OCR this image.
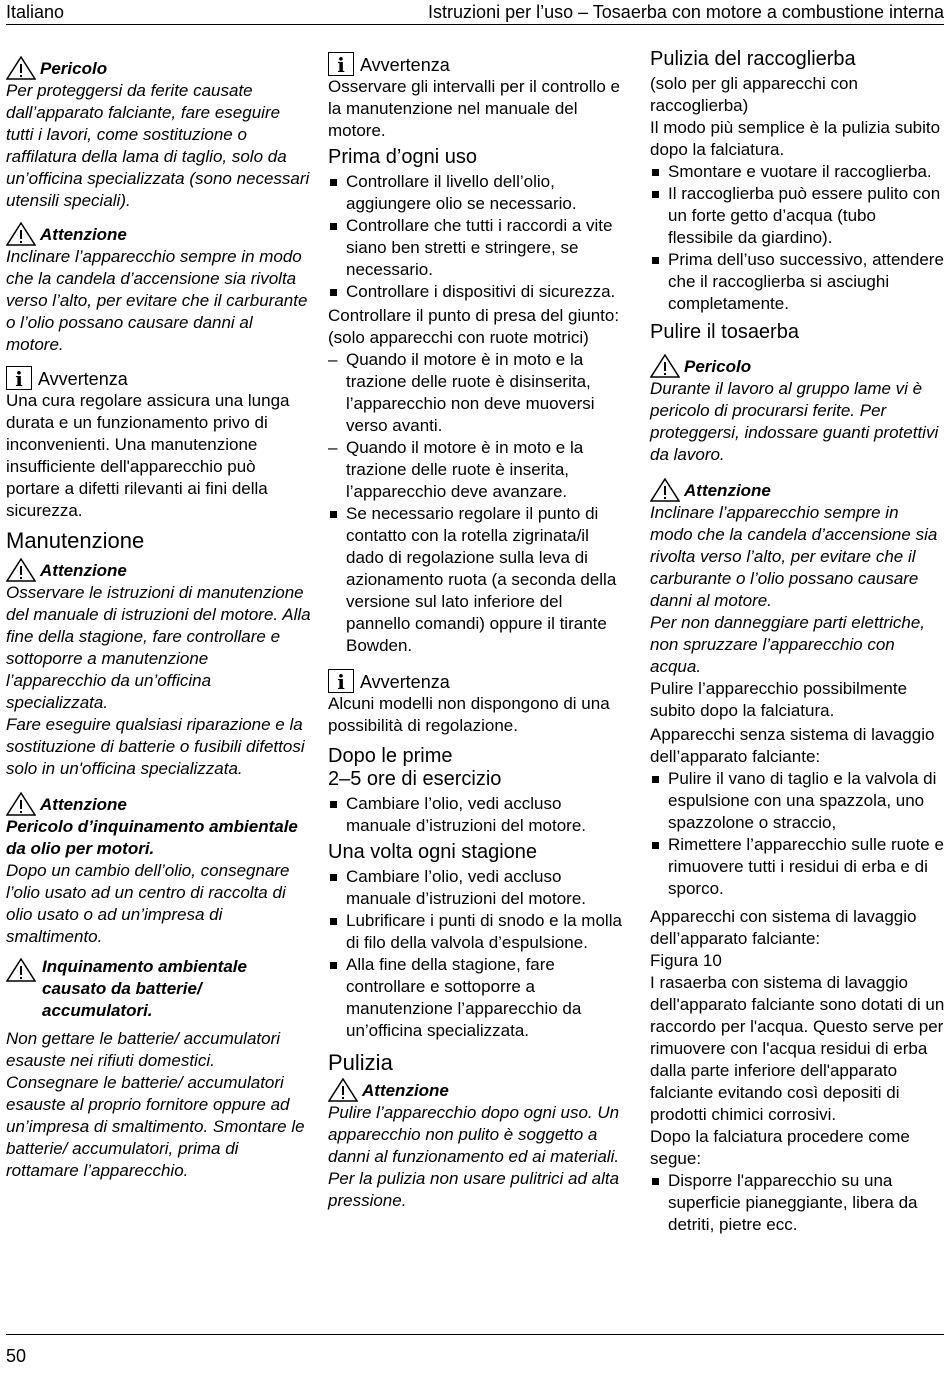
Italiano	Istruzioni per l’uso – Tosaerba con motore a combustione interna
Pericolo

Per proteggersi da ferite causate dall’apparato falciante, fare eseguire tutti i lavori, come sostituzione o raffilatura della lama di taglio, solo da un’officina specializzata (sono necessari utensili speciali).

Attenzione

Inclinare l’apparecchio sempre in modo che la candela d’accensione sia rivolta verso l’alto, per evitare che il carburante o l’olio possano causare danni al motore.

i Avvertenza

Una cura regolare assicura una lunga durata e un funzionamento privo di inconvenienti. Una manutenzione insufficiente dell'apparecchio può portare a difetti rilevanti ai fini della sicurezza.

Manutenzione
Attenzione

Osservare le istruzioni di manutenzione del manuale di istruzioni del motore. Alla fine della stagione, fare controllare e sottoporre a manutenzione l’apparecchio da un’officina specializzata.

Fare eseguire qualsiasi riparazione e la sostituzione di batterie o fusibili difettosi solo in un'officina specializzata.

Attenzione

Pericolo d’inquinamento ambientale da olio per motori.

Dopo un cambio dell’olio, consegnare l’olio usato ad un centro di raccolta di olio usato o ad un’impresa di smaltimento.

Inquinamento ambientale causato da batterie/ accumulatori.

Non gettare le batterie/ accumulatori esauste nei rifiuti domestici. Consegnare le batterie/ accumulatori esauste al proprio fornitore oppure ad un’impresa di smaltimento. Smontare le batterie/ accumulatori, prima di rottamare l’apparecchio.

i Avvertenza

Osservare gli intervalli per il controllo e la manutenzione nel manuale del motore.

Prima d’ogni uso
Controllare il livello dell’olio, aggiungere olio se necessario.
Controllare che tutti i raccordi a vite siano ben stretti e stringere, se necessario.
Controllare i dispositivi di sicurezza.
Controllare il punto di presa del giunto:

(solo apparecchi con ruote motrici)

– Quando il motore è in moto e la trazione delle ruote è disinserita, l’apparecchio non deve muoversi verso avanti.
– Quando il motore è in moto e la trazione delle ruote è inserita, l’apparecchio deve avanzare.
Se necessario regolare il punto di contatto con la rotella zigrinata/il dado di regolazione sulla leva di azionamento ruota (a seconda della versione sul lato inferiore del pannello comandi) oppure il tirante Bowden.
i Avvertenza

Alcuni modelli non dispongono di una possibilità di regolazione.

Dopo le prime
2–5 ore di esercizio
Cambiare l’olio, vedi accluso manuale d’istruzioni del motore.
Una volta ogni stagione
Cambiare l’olio, vedi accluso manuale d’istruzioni del motore.
Lubrificare i punti di snodo e la molla di filo della valvola d’espulsione.
Alla fine della stagione, fare controllare e sottoporre a manutenzione l’apparecchio da un’officina specializzata.
Pulizia
Attenzione

Pulire l’apparecchio dopo ogni uso. Un apparecchio non pulito è soggetto a danni al funzionamento ed ai materiali.

Per la pulizia non usare pulitrici ad alta pressione.

Pulizia del raccoglierba

(solo per gli apparecchi con raccoglierba)

Il modo più semplice è la pulizia subito dopo la falciatura.

Smontare e vuotare il raccoglierba.
Il raccoglierba può essere pulito con un forte getto d’acqua (tubo flessibile da giardino).
Prima dell’uso successivo, attendere che il raccoglierba si asciughi completamente.
Pulire il tosaerba
Pericolo

Durante il lavoro al gruppo lame vi è pericolo di procurarsi ferite. Per proteggersi, indossare guanti protettivi da lavoro.

Attenzione

Inclinare l’apparecchio sempre in modo che la candela d’accensione sia rivolta verso l’alto, per evitare che il carburante o l’olio possano causare danni al motore.

Per non danneggiare parti elettriche, non spruzzare l’apparecchio con acqua.

Pulire l’apparecchio possibilmente subito dopo la falciatura.

Apparecchi senza sistema di lavaggio dell’apparato falciante:
Pulire il vano di taglio e la valvola di espulsione con una spazzola, uno spazzolone o straccio,
Rimettere l’apparecchio sulle ruote e rimuovere tutti i residui di erba e di sporco.
Apparecchi con sistema di lavaggio dell’apparato falciante:

Figura 10

I rasaerba con sistema di lavaggio dell'apparato falciante sono dotati di un raccordo per l'acqua. Questo serve per rimuovere con l'acqua residui di erba dalla parte inferiore dell'apparato falciante evitando così depositi di prodotti chimici corrosivi.

Dopo la falciatura procedere come segue:

Disporre l'apparecchio su una superficie pianeggiante, libera da detriti, pietre ecc.
50
